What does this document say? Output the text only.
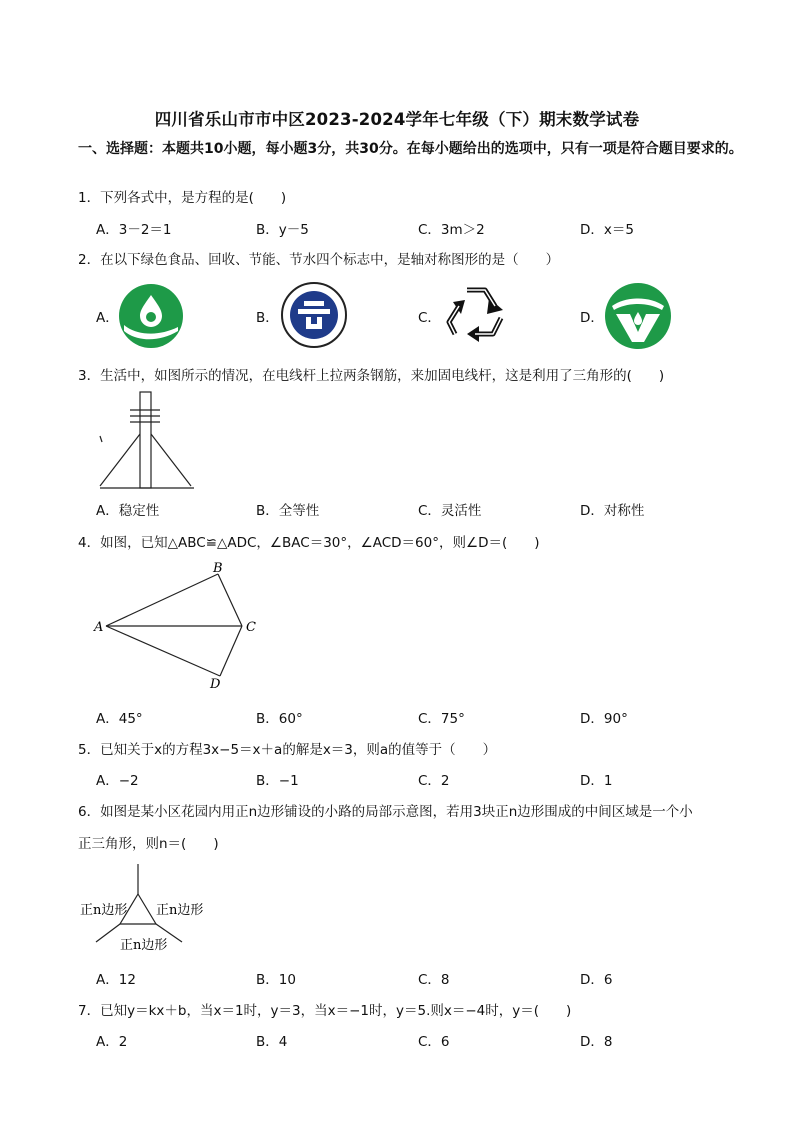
四川省乐山市市中区2023-2024学年七年级（下）期末数学试卷
一、选择题：本题共10小题，每小题3分，共30分。在每小题给出的选项中，只有一项是符合题目要求的。
1．下列各式中，是方程的是(　　)
A．3－2＝1	B．y－5	C．3m＞2	D．x＝5
2．在以下绿色食品、回收、节能、节水四个标志中，是轴对称图形的是（　　）
A．	B．	C．	D．
3．生活中，如图所示的情况，在电线杆上拉两条钢筋，来加固电线杆，这是利用了三角形的(　　)
A．稳定性	B．全等性	C．灵活性	D．对称性
4．如图，已知△ABC≌△ADC，∠BAC＝30°，∠ACD＝60°，则∠D＝(　　)
A
B
C
D
A．45°	B．60°	C．75°	D．90°
5．已知关于x的方程3x−5＝x＋a的解是x＝3，则a的值等于（　　）
A．−2	B．−1	C．2	D．1
6．如图是某小区花园内用正n边形铺设的小路的局部示意图，若用3块正n边形围成的中间区域是一个小
正三角形，则n＝(　　)
正n边形 正n边形
正n边形
A．12	B．10	C．8	D．6
7．已知y＝kx＋b，当x＝1时，y＝3，当x＝−1时，y＝5.则x＝−4时，y＝(　　)
A．2	B．4	C．6	D．8
